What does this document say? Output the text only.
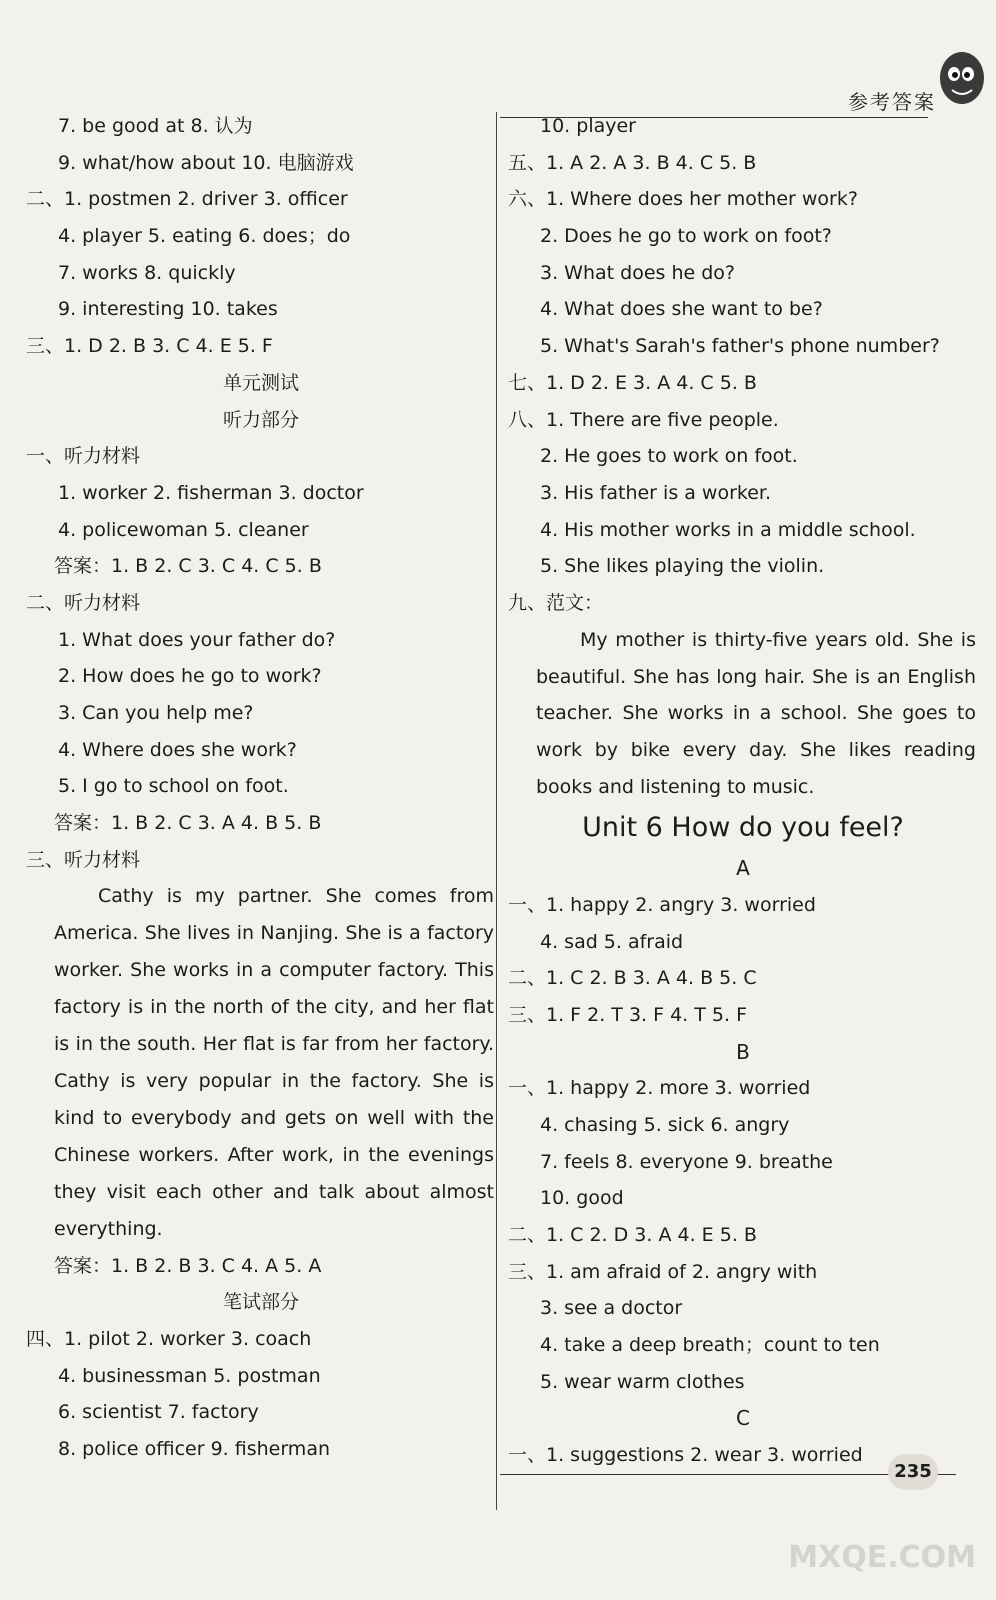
参考答案
7. be good at 8. 认为
9. what/how about 10. 电脑游戏
二、1. postmen 2. driver 3. officer
4. player 5. eating 6. does；do
7. works 8. quickly
9. interesting 10. takes
三、1. D 2. B 3. C 4. E 5. F
单元测试
听力部分
一、听力材料
1. worker 2. fisherman 3. doctor
4. policewoman 5. cleaner
答案：1. B 2. C 3. C 4. C 5. B
二、听力材料
1. What does your father do?
2. How does he go to work?
3. Can you help me?
4. Where does she work?
5. I go to school on foot.
答案：1. B 2. C 3. A 4. B 5. B
三、听力材料
Cathy is my partner. She comes from America. She lives in Nanjing. She is a factory worker. She works in a computer factory. This factory is in the north of the city, and her flat is in the south. Her flat is far from her factory. Cathy is very popular in the factory. She is kind to everybody and gets on well with the Chinese workers. After work, in the evenings they visit each other and talk about almost everything.
答案：1. B 2. B 3. C 4. A 5. A
笔试部分
四、1. pilot 2. worker 3. coach
4. businessman 5. postman
6. scientist 7. factory
8. police officer 9. fisherman
10. player
五、1. A 2. A 3. B 4. C 5. B
六、1. Where does her mother work?
2. Does he go to work on foot?
3. What does he do?
4. What does she want to be?
5. What's Sarah's father's phone number?
七、1. D 2. E 3. A 4. C 5. B
八、1. There are five people.
2. He goes to work on foot.
3. His father is a worker.
4. His mother works in a middle school.
5. She likes playing the violin.
九、范文：
My mother is thirty-five years old. She is beautiful. She has long hair. She is an English teacher. She works in a school. She goes to work by bike every day. She likes reading books and listening to music.
Unit 6 How do you feel?
A
一、1. happy 2. angry 3. worried
4. sad 5. afraid
二、1. C 2. B 3. A 4. B 5. C
三、1. F 2. T 3. F 4. T 5. F
B
一、1. happy 2. more 3. worried
4. chasing 5. sick 6. angry
7. feels 8. everyone 9. breathe
10. good
二、1. C 2. D 3. A 4. E 5. B
三、1. am afraid of 2. angry with
3. see a doctor
4. take a deep breath；count to ten
5. wear warm clothes
C
一、1. suggestions 2. wear 3. worried
235
MXQE.COM
